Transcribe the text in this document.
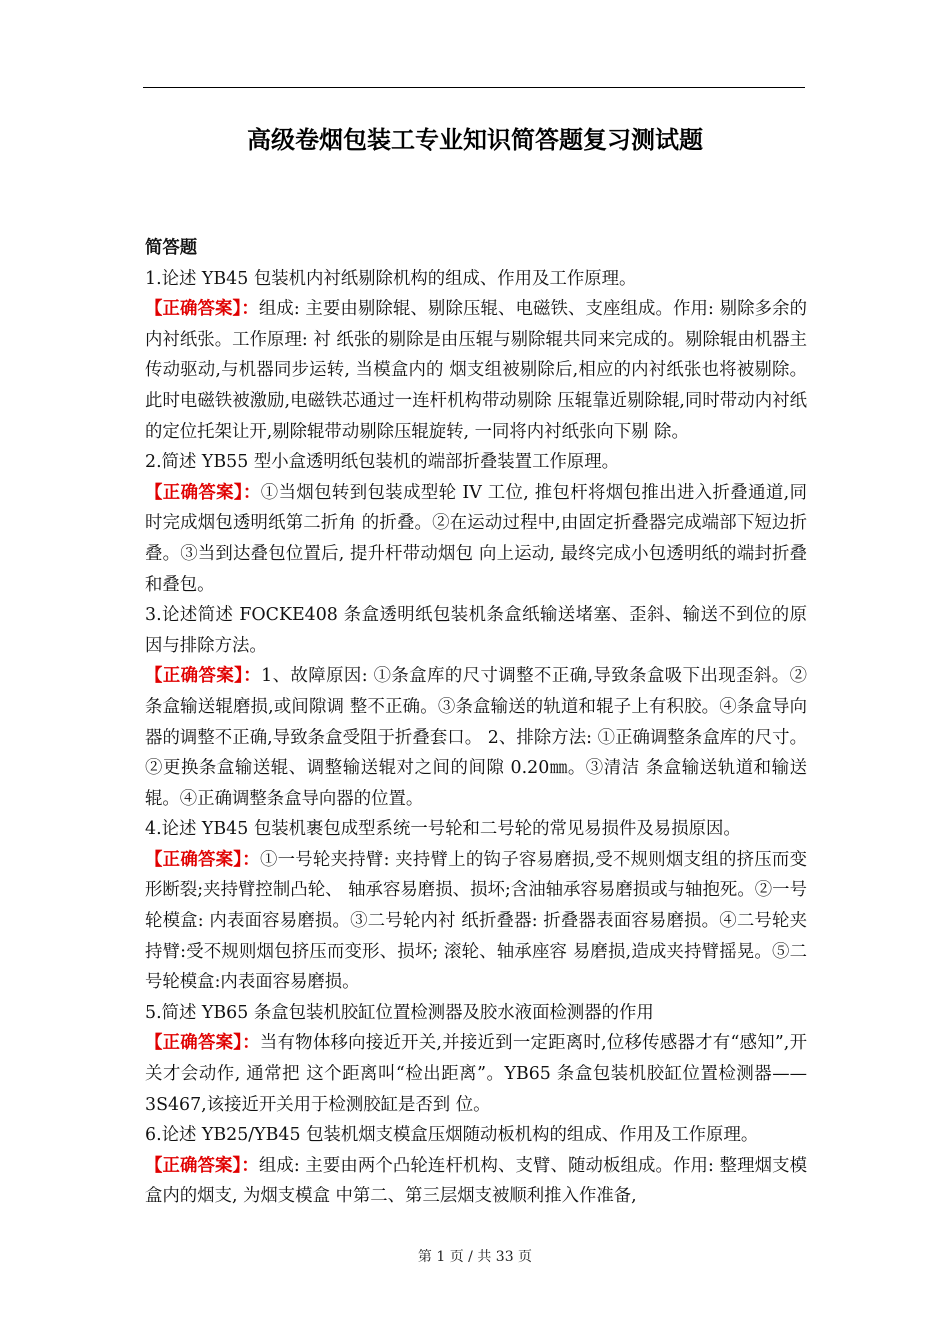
高级卷烟包装工专业知识简答题复习测试题

简答题

1.论述 YB45 包装机内衬纸剔除机构的组成、作用及工作原理。

【正确答案】：组成: 主要由剔除辊、剔除压辊、电磁铁、支座组成。作用: 剔除多余的内衬纸张。工作原理: 衬 纸张的剔除是由压辊与剔除辊共同来完成的。剔除辊由机器主传动驱动,与机器同步运转, 当模盒内的 烟支组被剔除后,相应的内衬纸张也将被剔除。此时电磁铁被激励,电磁铁芯通过一连杆机构带动剔除 压辊靠近剔除辊,同时带动内衬纸的定位托架让开,剔除辊带动剔除压辊旋转, 一同将内衬纸张向下剔 除。

2.简述 YB55 型小盒透明纸包装机的端部折叠装置工作原理。

【正确答案】：①当烟包转到包装成型轮 IV 工位, 推包杆将烟包推出进入折叠通道,同时完成烟包透明纸第二折角 的折叠。②在运动过程中,由固定折叠器完成端部下短边折叠。③当到达叠包位置后, 提升杆带动烟包 向上运动, 最终完成小包透明纸的端封折叠和叠包。

3.论述简述 FOCKE408 条盒透明纸包装机条盒纸输送堵塞、歪斜、输送不到位的原因与排除方法。

【正确答案】：1、故障原因: ①条盒库的尺寸调整不正确,导致条盒吸下出现歪斜。②条盒输送辊磨损,或间隙调 整不正确。③条盒输送的轨道和辊子上有积胶。④条盒导向器的调整不正确,导致条盒受阻于折叠套口。 2、排除方法: ①正确调整条盒库的尺寸。②更换条盒输送辊、调整输送辊对之间的间隙 0.20㎜。③清洁 条盒输送轨道和输送辊。④正确调整条盒导向器的位置。

4.论述 YB45 包装机裹包成型系统一号轮和二号轮的常见易损件及易损原因。

【正确答案】：①一号轮夹持臂: 夹持臂上的钩子容易磨损,受不规则烟支组的挤压而变形断裂;夹持臂控制凸轮、 轴承容易磨损、损坏;含油轴承容易磨损或与轴抱死。②一号轮模盒: 内表面容易磨损。③二号轮内衬 纸折叠器: 折叠器表面容易磨损。④二号轮夹持臂:受不规则烟包挤压而变形、损坏; 滚轮、轴承座容 易磨损,造成夹持臂摇晃。⑤二号轮模盒:内表面容易磨损。

5.简述 YB65 条盒包装机胶缸位置检测器及胶水液面检测器的作用

【正确答案】：当有物体移向接近开关,并接近到一定距离时,位移传感器才有“感知”,开关才会动作, 通常把 这个距离叫“检出距离”。YB65 条盒包装机胶缸位置检测器——3S467,该接近开关用于检测胶缸是否到 位。

6.论述 YB25/YB45 包装机烟支模盒压烟随动板机构的组成、作用及工作原理。

【正确答案】：组成: 主要由两个凸轮连杆机构、支臂、随动板组成。作用: 整理烟支模盒内的烟支, 为烟支模盒 中第二、第三层烟支被顺利推入作准备,

第 1 页 / 共 33 页
